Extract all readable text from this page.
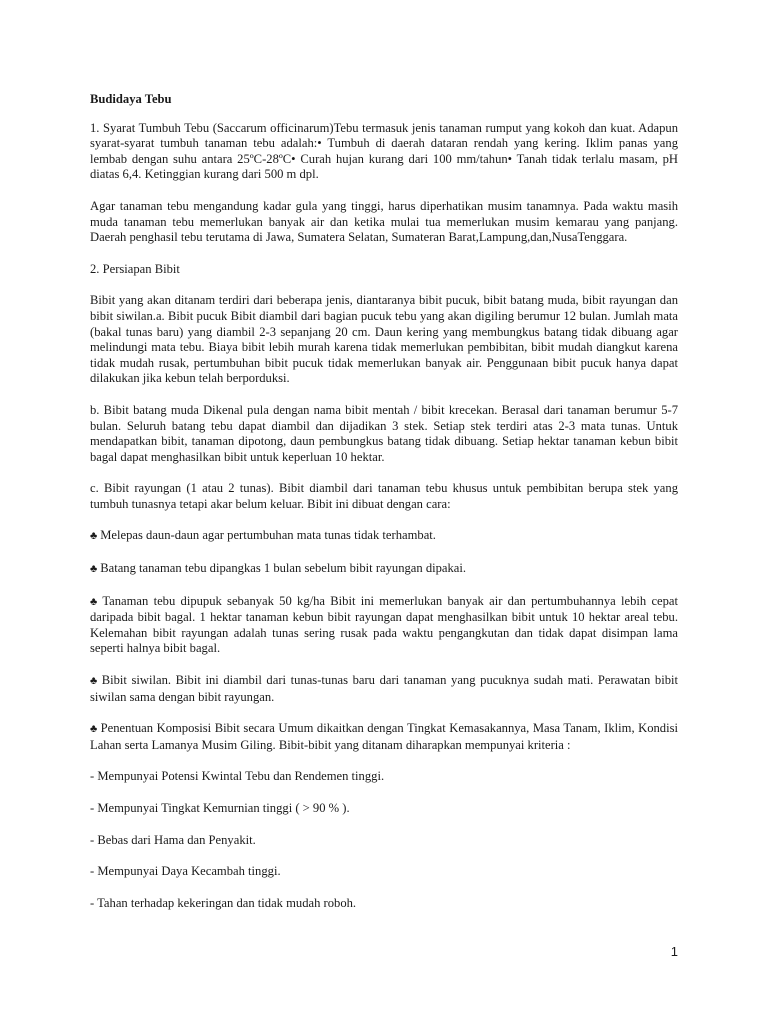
Budidaya Tebu

1. Syarat Tumbuh Tebu (Saccarum officinarum)Tebu termasuk jenis tanaman rumput yang kokoh dan kuat. Adapun syarat-syarat tumbuh tanaman tebu adalah:• Tumbuh di daerah dataran rendah yang kering. Iklim panas yang lembab dengan suhu antara 25ºC-28ºC• Curah hujan kurang dari 100 mm/tahun• Tanah tidak terlalu masam, pH diatas 6,4. Ketinggian kurang dari 500 m dpl.

Agar tanaman tebu mengandung kadar gula yang tinggi, harus diperhatikan musim tanamnya. Pada waktu masih muda tanaman tebu memerlukan banyak air dan ketika mulai tua memerlukan musim kemarau yang panjang. Daerah penghasil tebu terutama di Jawa, Sumatera Selatan, Sumateran Barat,Lampung,dan,NusaTenggara.

2. Persiapan Bibit

Bibit yang akan ditanam terdiri dari beberapa jenis, diantaranya bibit pucuk, bibit batang muda, bibit rayungan dan bibit siwilan.a. Bibit pucuk Bibit diambil dari bagian pucuk tebu yang akan digiling berumur 12 bulan. Jumlah mata (bakal tunas baru) yang diambil 2-3 sepanjang 20 cm. Daun kering yang membungkus batang tidak dibuang agar melindungi mata tebu. Biaya bibit lebih murah karena tidak memerlukan pembibitan, bibit mudah diangkut karena tidak mudah rusak, pertumbuhan bibit pucuk tidak memerlukan banyak air. Penggunaan bibit pucuk hanya dapat dilakukan jika kebun telah berporduksi.

b. Bibit batang muda Dikenal pula dengan nama bibit mentah / bibit krecekan. Berasal dari tanaman berumur 5-7 bulan. Seluruh batang tebu dapat diambil dan dijadikan 3 stek. Setiap stek terdiri atas 2-3 mata tunas. Untuk mendapatkan bibit, tanaman dipotong, daun pembungkus batang tidak dibuang. Setiap hektar tanaman kebun bibit bagal dapat menghasilkan bibit untuk keperluan 10 hektar.

c. Bibit rayungan (1 atau 2 tunas). Bibit diambil dari tanaman tebu khusus untuk pembibitan berupa stek yang tumbuh tunasnya tetapi akar belum keluar. Bibit ini dibuat dengan cara:

♣ Melepas daun-daun agar pertumbuhan mata tunas tidak terhambat.

♣ Batang tanaman tebu dipangkas 1 bulan sebelum bibit rayungan dipakai.

♣ Tanaman tebu dipupuk sebanyak 50 kg/ha Bibit ini memerlukan banyak air dan pertumbuhannya lebih cepat daripada bibit bagal. 1 hektar tanaman kebun bibit rayungan dapat menghasilkan bibit untuk 10 hektar areal tebu. Kelemahan bibit rayungan adalah tunas sering rusak pada waktu pengangkutan dan tidak dapat disimpan lama seperti halnya bibit bagal.

♣ Bibit siwilan. Bibit ini diambil dari tunas-tunas baru dari tanaman yang pucuknya sudah mati. Perawatan bibit siwilan sama dengan bibit rayungan.

♣ Penentuan Komposisi Bibit secara Umum dikaitkan dengan Tingkat Kemasakannya, Masa Tanam, Iklim, Kondisi Lahan serta Lamanya Musim Giling. Bibit-bibit yang ditanam diharapkan mempunyai kriteria :

- Mempunyai Potensi Kwintal Tebu dan Rendemen tinggi.

- Mempunyai Tingkat Kemurnian tinggi ( > 90 % ).

- Bebas dari Hama dan Penyakit.

- Mempunyai Daya Kecambah tinggi.

- Tahan terhadap kekeringan dan tidak mudah roboh.

1
